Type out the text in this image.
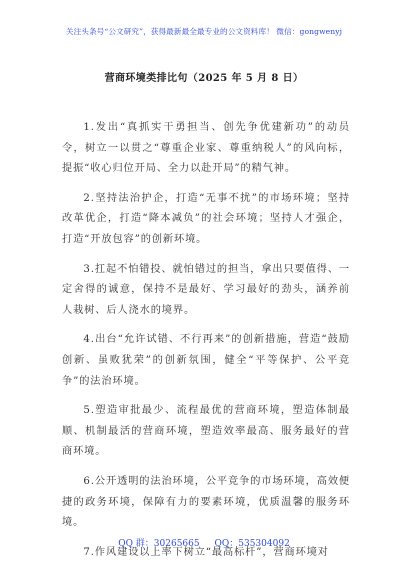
关注头条号“公文研究”，获得最新最全最专业的公文资料库！ 微信：gongwenyj
营商环境类排比句（2025 年 5 月 8 日）

1.发出“真抓实干勇担当、创先争优建新功”的动员令，树立一以贯之“尊重企业家、尊重纳税人”的风向标，提振“收心归位开局、全力以赴开局”的精气神。

2.坚持法治护企，打造“无事不扰”的市场环境；坚持改革优企，打造“降本减负”的社会环境；坚持人才强企，打造“开放包容”的创新环境。

3.扛起不怕错投、就怕错过的担当，拿出只要值得、一定舍得的诚意，保持不是最好、学习最好的劲头，涵养前人栽树、后人浇水的境界。

4.出台“允许试错、不行再来”的创新措施，营造“鼓励创新、虽败犹荣”的创新氛围，健全“平等保护、公平竞争”的法治环境。

5.塑造审批最少、流程最优的营商环境，塑造体制最顺、机制最活的营商环境，塑造效率最高、服务最好的营商环境。

6.公开透明的法治环境，公平竞争的市场环境，高效便捷的政务环境，保障有力的要素环境，优质温馨的服务环境。

7.作风建设以上率下树立“最高标杆”，营商环境对

QQ 群：30265665 QQ：535304092
